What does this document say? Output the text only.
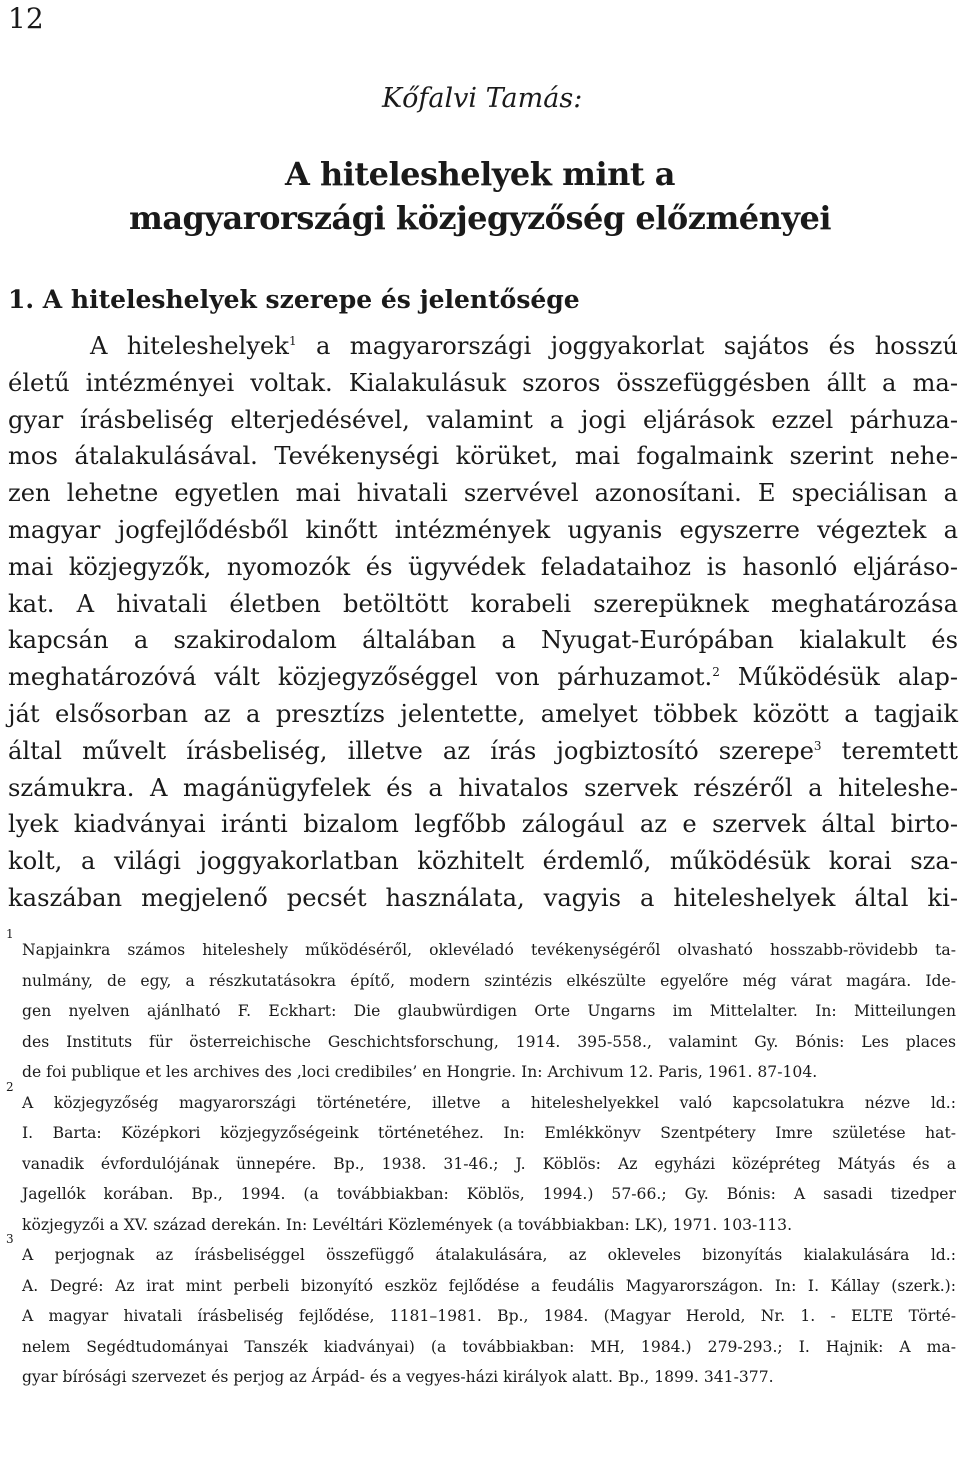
12
Kőfalvi Tamás:
A hiteleshelyek mint a
magyarországi közjegyzőség előzményei
1. A hiteleshelyek szerepe és jelentősége
A hiteleshelyek$^1$ a magyarországi joggyakorlat sajátos és hosszú
életű intézményei voltak. Kialakulásuk szoros összefüggésben állt a ma-
gyar írásbeliség elterjedésével, valamint a jogi eljárások ezzel párhuza-
mos átalakulásával. Tevékenységi körüket, mai fogalmaink szerint nehe-
zen lehetne egyetlen mai hivatali szervével azonosítani. E speciálisan a
magyar jogfejlődésből kinőtt intézmények ugyanis egyszerre végeztek a
mai közjegyzők, nyomozók és ügyvédek feladataihoz is hasonló eljáráso-
kat. A hivatali életben betöltött korabeli szerepüknek meghatározása
kapcsán a szakirodalom általában a Nyugat-Európában kialakult és
meghatározóvá vált közjegyzőséggel von párhuzamot.$^2$ Működésük alap-
ját elsősorban az a presztízs jelentette, amelyet többek között a tagjaik
által művelt írásbeliség, illetve az írás jogbiztosító szerepe$^3$ teremtett
számukra. A magánügyfelek és a hivatalos szervek részéről a hiteleshe-
lyek kiadványai iránti bizalom legfőbb zálogául az e szervek által birto-
kolt, a világi joggyakorlatban közhitelt érdemlő, működésük korai sza-
kaszában megjelenő pecsét használata, vagyis a hiteleshelyek által ki-
1
Napjainkra számos hiteleshely működéséről, oklevéladó tevékenységéről olvasható hosszabb-rövidebb ta-
nulmány, de egy, a részkutatásokra építő, modern szintézis elkészülte egyelőre még várat magára. Ide-
gen nyelven ajánlható F. Eckhart: Die glaubwürdigen Orte Ungarns im Mittelalter. In: Mitteilungen
des Instituts für österreichische Geschichtsforschung, 1914. 395-558., valamint Gy. Bónis: Les places
de foi publique et les archives des ‚loci credibiles’ en Hongrie. In: Archivum 12. Paris, 1961. 87-104.
2
A közjegyzőség magyarországi történetére, illetve a hiteleshelyekkel való kapcsolatukra nézve ld.:
I. Barta: Középkori közjegyzőségeink történetéhez. In: Emlékkönyv Szentpétery Imre születése hat-
vanadik évfordulójának ünnepére. Bp., 1938. 31-46.; J. Köblös: Az egyházi középréteg Mátyás és a
Jagellók korában. Bp., 1994. (a továbbiakban: Köblös, 1994.) 57-66.; Gy. Bónis: A sasadi tizedper
közjegyzői a XV. század derekán. In: Levéltári Közlemények (a továbbiakban: LK), 1971. 103-113.
3
A perjognak az írásbeliséggel összefüggő átalakulására, az okleveles bizonyítás kialakulására ld.:
A. Degré: Az irat mint perbeli bizonyító eszköz fejlődése a feudális Magyarországon. In: I. Kállay (szerk.):
A magyar hivatali írásbeliség fejlődése, 1181–1981. Bp., 1984. (Magyar Herold, Nr. 1. - ELTE Törté-
nelem Segédtudományai Tanszék kiadványai) (a továbbiakban: MH, 1984.) 279-293.; I. Hajnik: A ma-
gyar bírósági szervezet és perjog az Árpád- és a vegyes-házi királyok alatt. Bp., 1899. 341-377.
